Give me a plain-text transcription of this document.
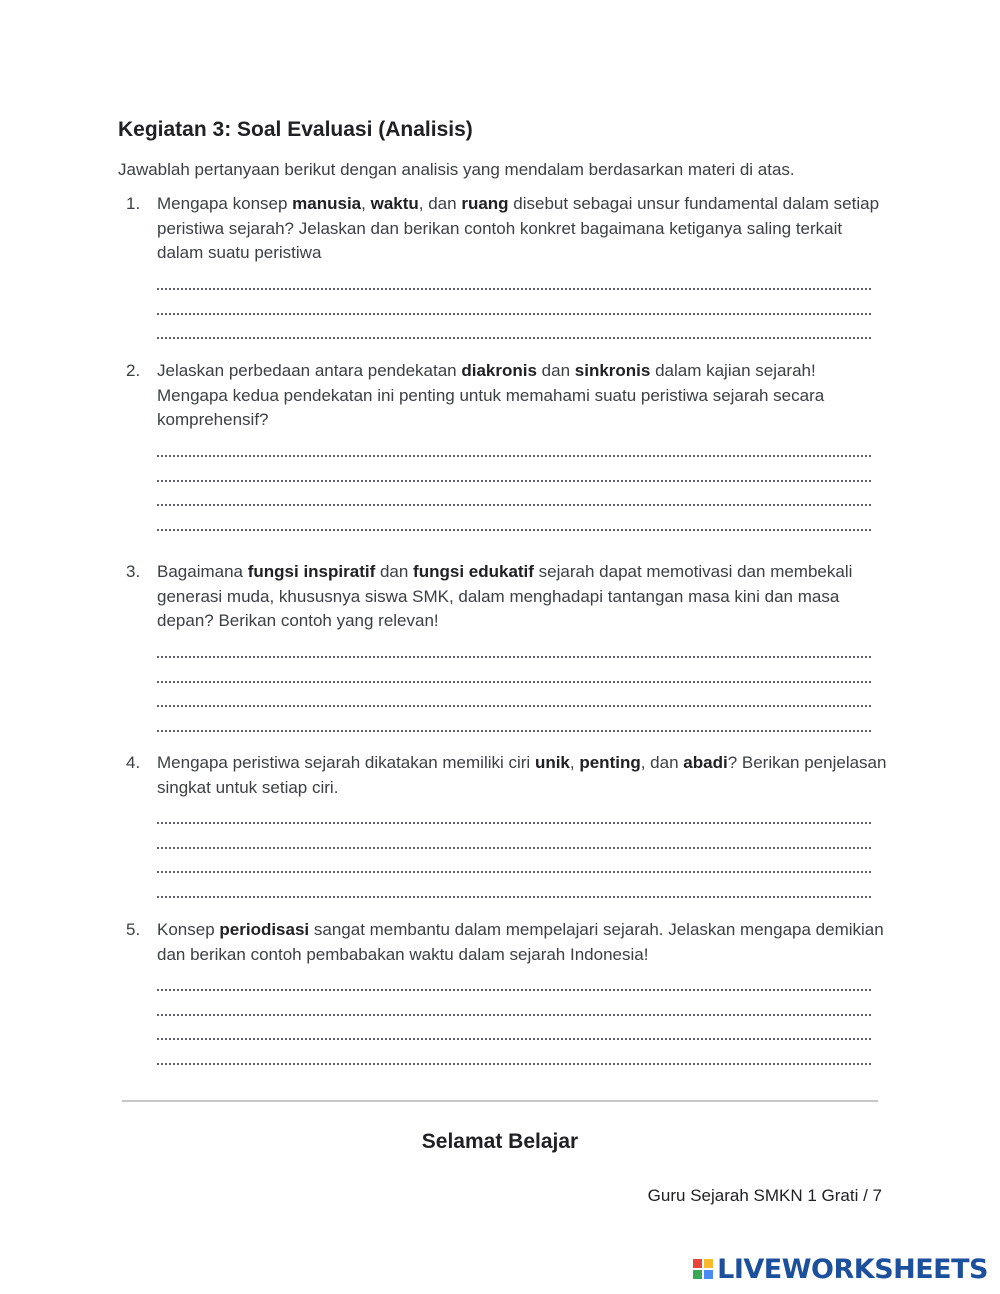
Kegiatan 3: Soal Evaluasi (Analisis)
Jawablah pertanyaan berikut dengan analisis yang mendalam berdasarkan materi di atas.
1. Mengapa konsep manusia, waktu, dan ruang disebut sebagai unsur fundamental dalam setiap peristiwa sejarah? Jelaskan dan berikan contoh konkret bagaimana ketiganya saling terkait dalam suatu peristiwa
2. Jelaskan perbedaan antara pendekatan diakronis dan sinkronis dalam kajian sejarah! Mengapa kedua pendekatan ini penting untuk memahami suatu peristiwa sejarah secara komprehensif?
3. Bagaimana fungsi inspiratif dan fungsi edukatif sejarah dapat memotivasi dan membekali generasi muda, khususnya siswa SMK, dalam menghadapi tantangan masa kini dan masa depan? Berikan contoh yang relevan!
4. Mengapa peristiwa sejarah dikatakan memiliki ciri unik, penting, dan abadi? Berikan penjelasan singkat untuk setiap ciri.
5. Konsep periodisasi sangat membantu dalam mempelajari sejarah. Jelaskan mengapa demikian dan berikan contoh pembabakan waktu dalam sejarah Indonesia!
Selamat Belajar
Guru Sejarah SMKN 1 Grati / 7
LIVEWORKSHEETS
